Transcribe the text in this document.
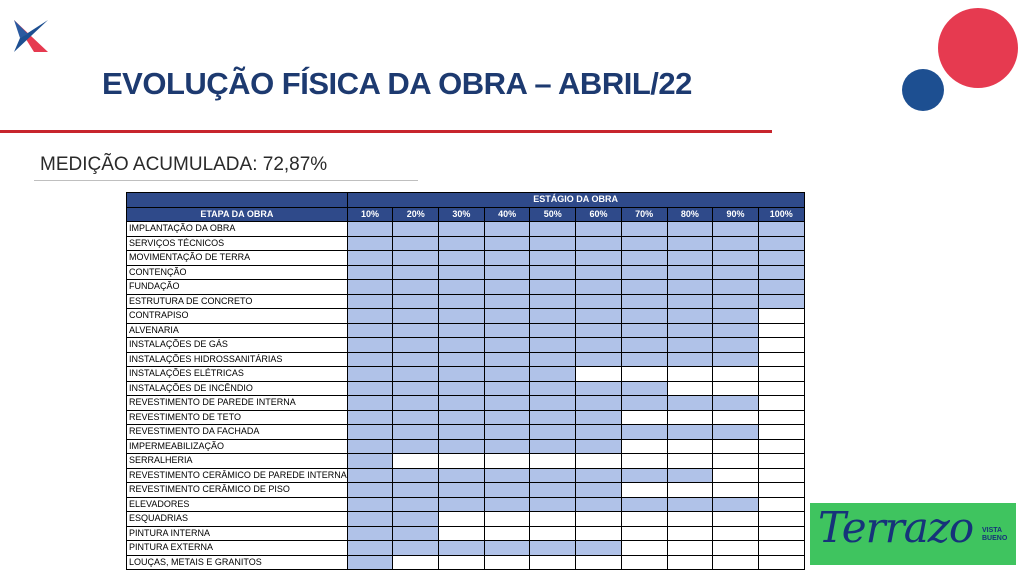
EVOLUÇÃO FÍSICA DA OBRA – ABRIL/22
MEDIÇÃO ACUMULADA: 72,87%
	ESTÁGIO DA OBRA									
ETAPA DA OBRA	10%	20%	30%	40%	50%	60%	70%	80%	90%	100%
IMPLANTAÇÃO DA OBRA										
SERVIÇOS TÉCNICOS										
MOVIMENTAÇÃO DE TERRA										
CONTENÇÃO										
FUNDAÇÃO										
ESTRUTURA DE CONCRETO										
CONTRAPISO										
ALVENARIA										
INSTALAÇÕES DE GÁS										
INSTALAÇÕES HIDROSSANITÁRIAS										
INSTALAÇÕES ELÉTRICAS										
INSTALAÇÕES DE INCÊNDIO										
REVESTIMENTO DE PAREDE INTERNA										
REVESTIMENTO DE TETO										
REVESTIMENTO DA FACHADA										
IMPERMEABILIZAÇÃO										
SERRALHERIA										
REVESTIMENTO CERÂMICO DE PAREDE INTERNA										
REVESTIMENTO CERÂMICO DE PISO										
ELEVADORES										
ESQUADRIAS										
PINTURA INTERNA										
PINTURA EXTERNA										
LOUÇAS, METAIS E GRANITOS										
Terrazo VISTA
BUENO
